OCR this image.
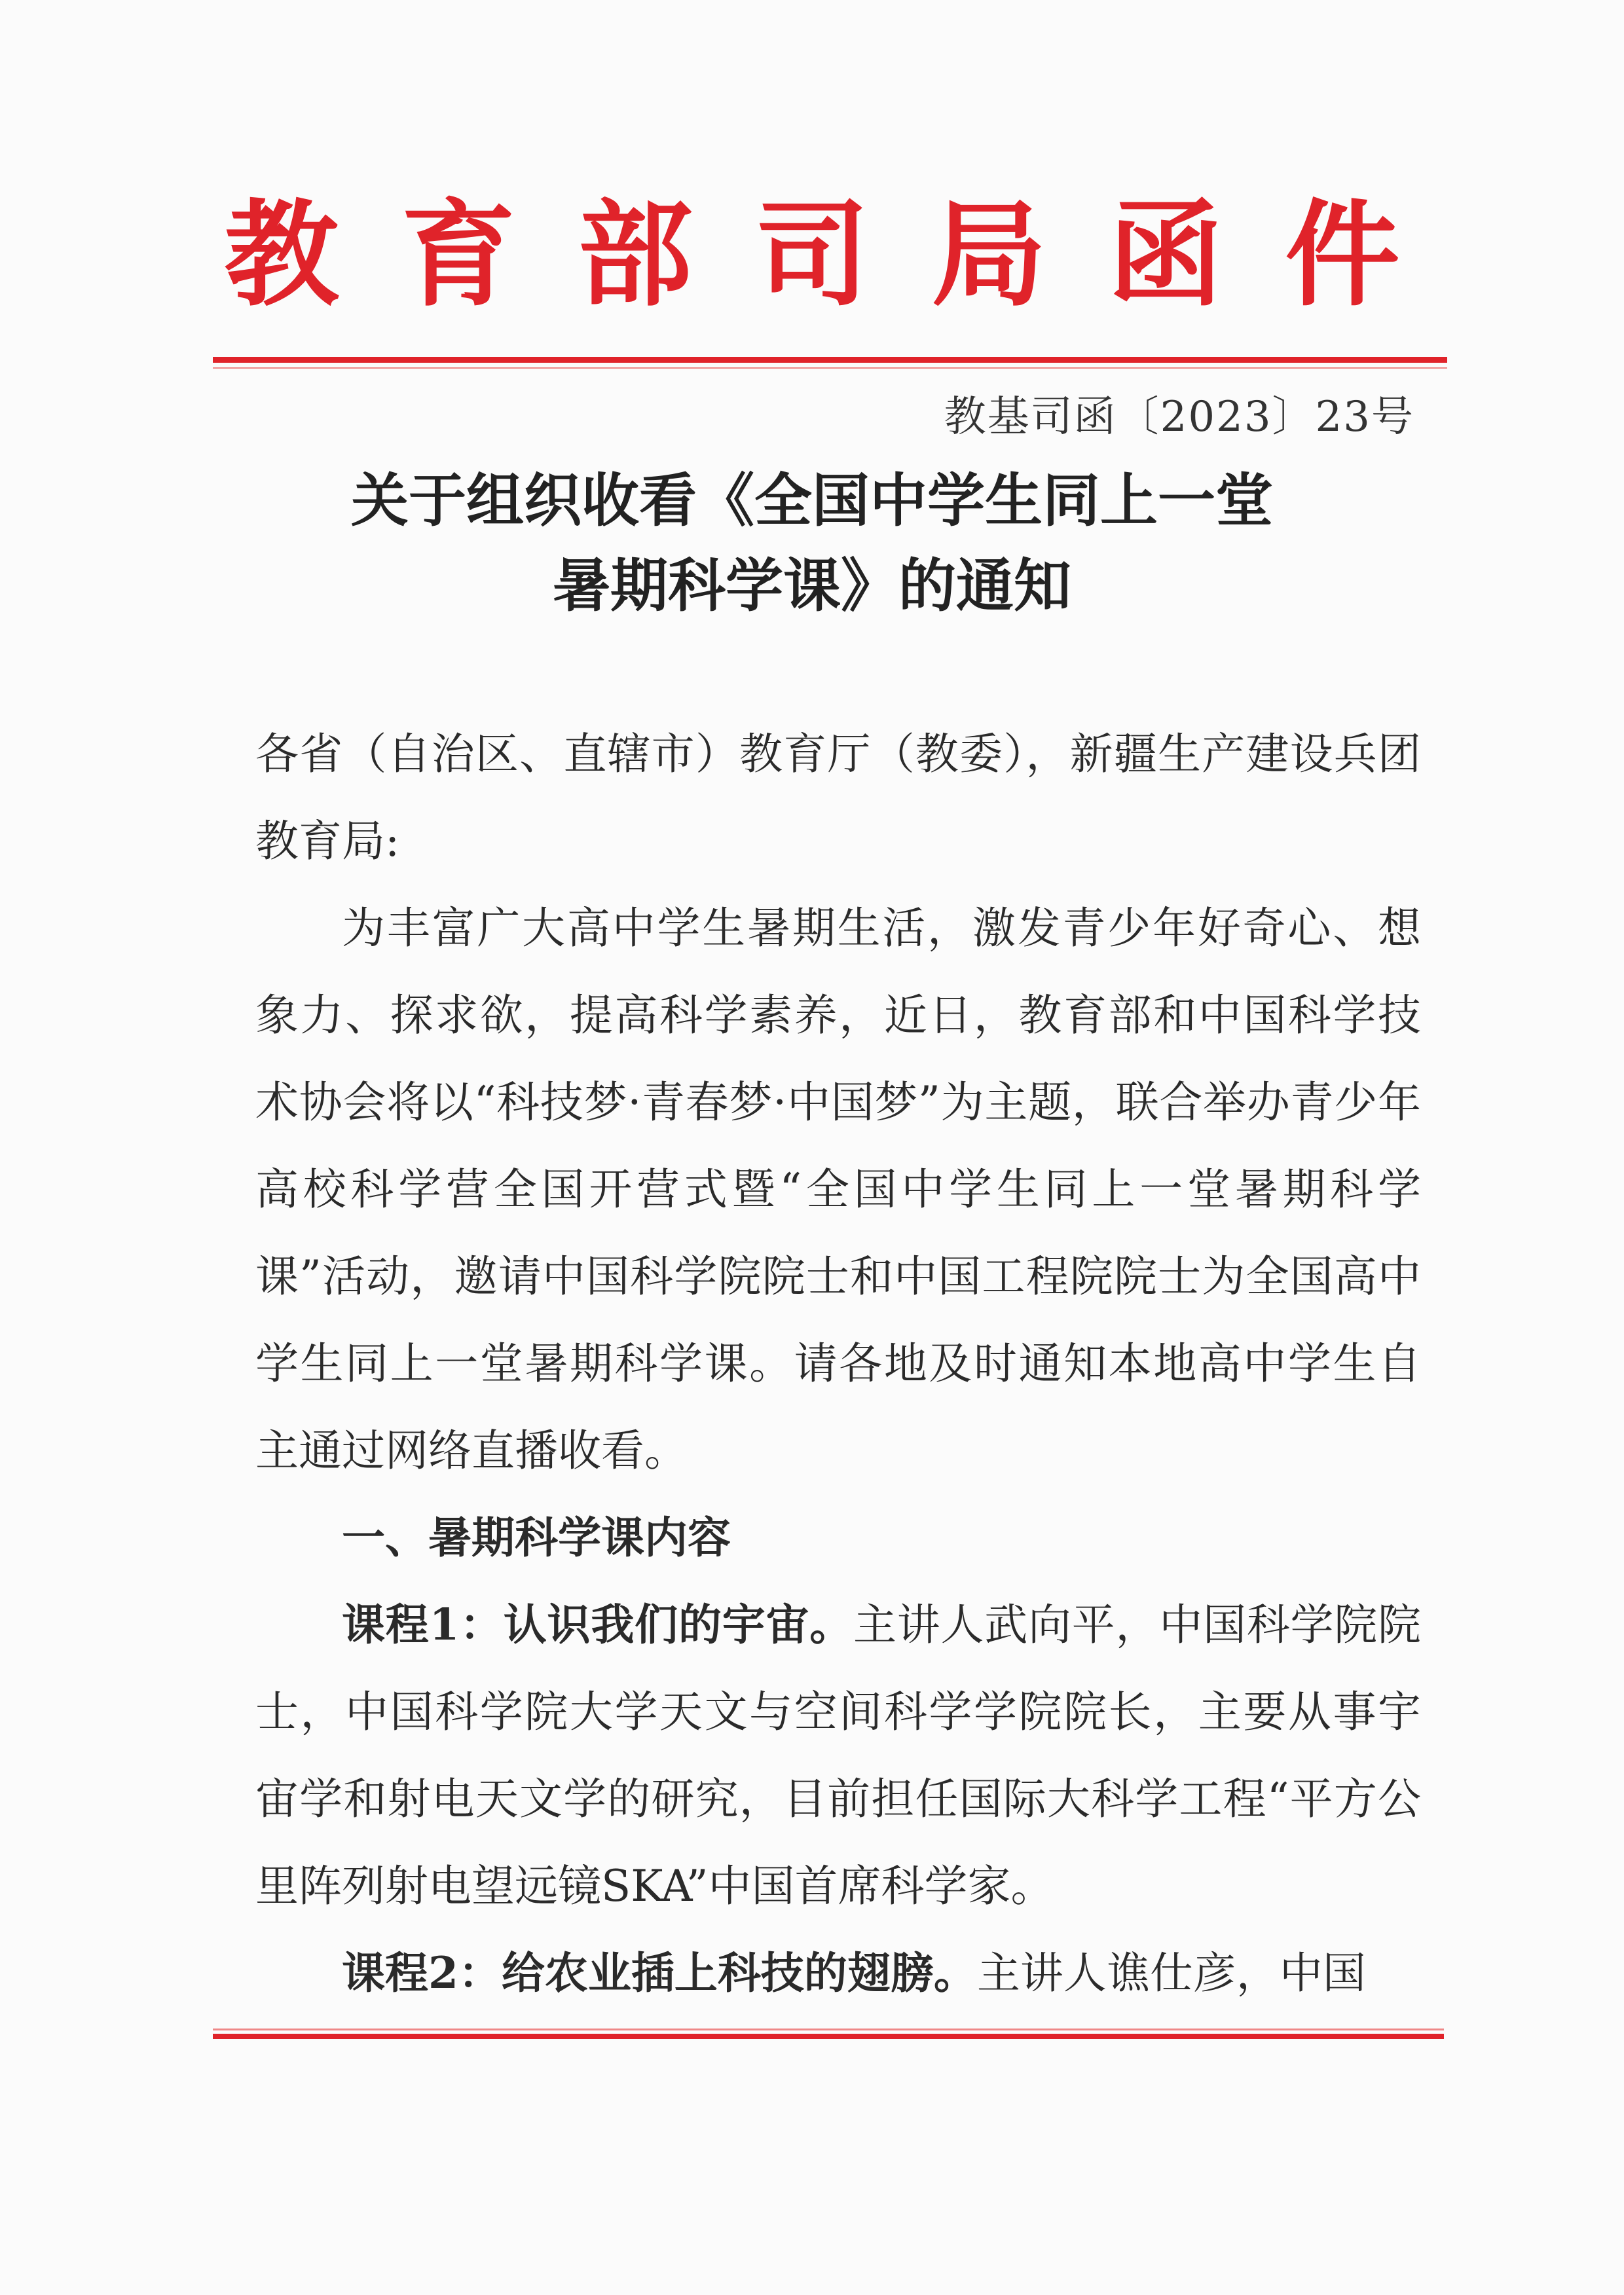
教育部司局函件
教基司函〔2023〕23号
关于组织收看《全国中学生同上一堂
暑期科学课》的通知

各省（自治区、直辖市）教育厅（教委），新疆生产建设兵团教育局:

为丰富广大高中学生暑期生活，激发青少年好奇心、想象力、探求欲，提高科学素养，近日，教育部和中国科学技术协会将以“科技梦·青春梦·中国梦”为主题，联合举办青少年高校科学营全国开营式暨“全国中学生同上一堂暑期科学课”活动，邀请中国科学院院士和中国工程院院士为全国高中学生同上一堂暑期科学课。请各地及时通知本地高中学生自主通过网络直播收看。

一、暑期科学课内容

课程1：认识我们的宇宙。主讲人武向平，中国科学院院士，中国科学院大学天文与空间科学学院院长，主要从事宇宙学和射电天文学的研究，目前担任国际大科学工程“平方公里阵列射电望远镜SKA”中国首席科学家。

课程2：给农业插上科技的翅膀。主讲人谯仕彦，中国
